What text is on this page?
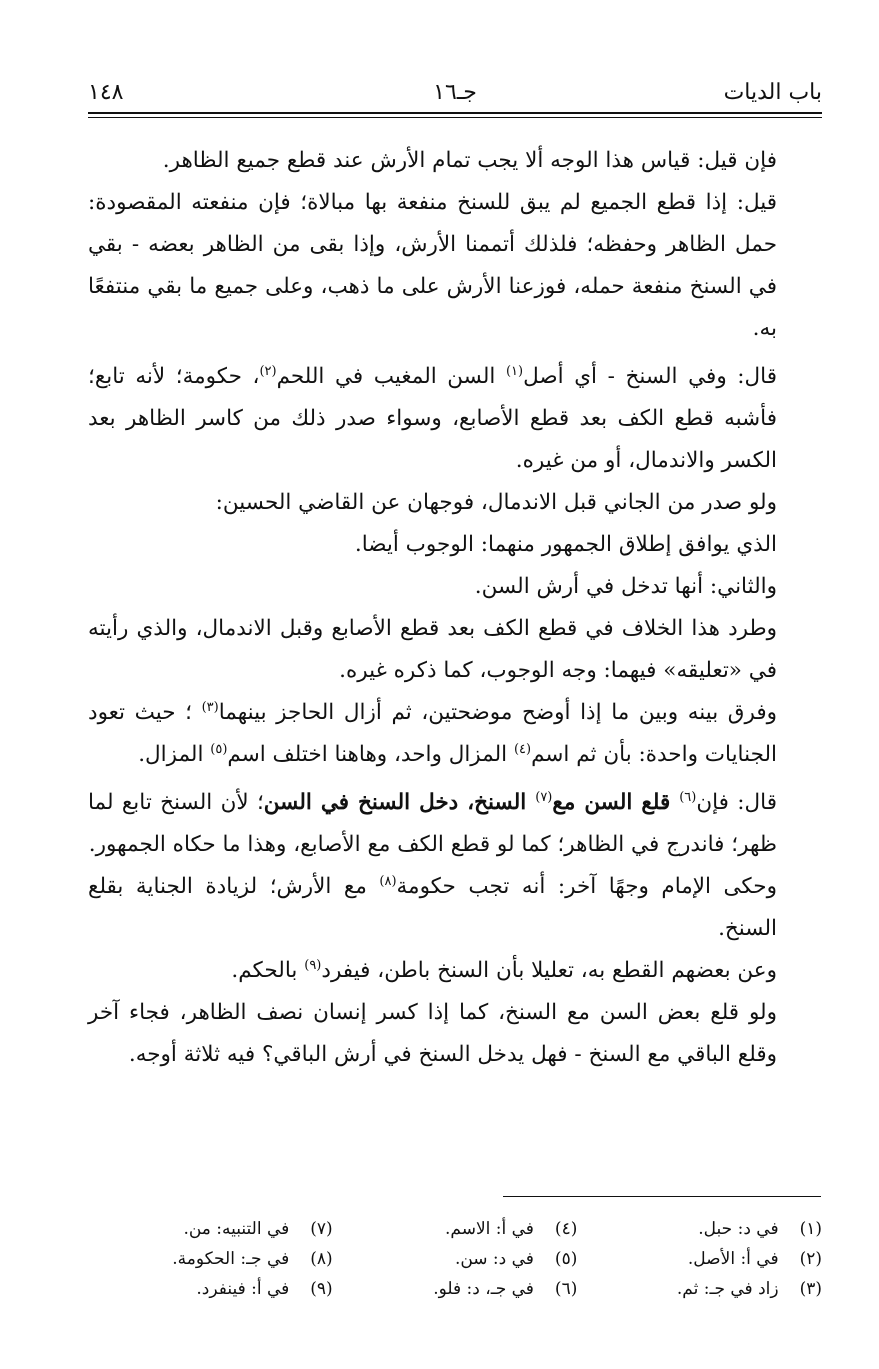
باب الديات
جـ١٦
١٤٨

فإن قيل: قياس هذا الوجه ألا يجب تمام الأرش عند قطع جميع الظاهر.

قيل: إذا قطع الجميع لم يبق للسنخ منفعة بها مبالاة؛ فإن منفعته المقصودة: حمل الظاهر وحفظه؛ فلذلك أتممنا الأرش، وإذا بقى من الظاهر بعضه - بقي في السنخ منفعة حمله، فوزعنا الأرش على ما ذهب، وعلى جميع ما بقي منتفعًا به.

قال: وفي السنخ - أي أصل$^{(١)}$ السن المغيب في اللحم$^{(٢)}$، حكومة؛ لأنه تابع؛ فأشبه قطع الكف بعد قطع الأصابع، وسواء صدر ذلك من كاسر الظاهر بعد الكسر والاندمال، أو من غيره.

ولو صدر من الجاني قبل الاندمال، فوجهان عن القاضي الحسين:

الذي يوافق إطلاق الجمهور منهما: الوجوب أيضا.

والثاني: أنها تدخل في أرش السن.

وطرد هذا الخلاف في قطع الكف بعد قطع الأصابع وقبل الاندمال، والذي رأيته في «تعليقه» فيهما: وجه الوجوب، كما ذكره غيره.

وفرق بينه وبين ما إذا أوضح موضحتين، ثم أزال الحاجز بينهما$^{(٣)}$ ؛ حيث تعود الجنايات واحدة: بأن ثم اسم$^{(٤)}$ المزال واحد، وهاهنا اختلف اسم$^{(٥)}$ المزال.

قال: فإن$^{(٦)}$ قلع السن مع$^{(٧)}$ السنخ، دخل السنخ في السن؛ لأن السنخ تابع لما ظهر؛ فاندرج في الظاهر؛ كما لو قطع الكف مع الأصابع، وهذا ما حكاه الجمهور.

وحكى الإمام وجهًا آخر: أنه تجب حكومة$^{(٨)}$ مع الأرش؛ لزيادة الجناية بقلع السنخ.

وعن بعضهم القطع به، تعليلا بأن السنخ باطن، فيفرد$^{(٩)}$ بالحكم.

ولو قلع بعض السن مع السنخ، كما إذا كسر إنسان نصف الظاهر، فجاء آخر وقلع الباقي مع السنخ - فهل يدخل السنخ في أرش الباقي؟ فيه ثلاثة أوجه.

(١) في د: حبل.
(٤) في أ: الاسم.
(٧) في التنبيه: من.
(٢) في أ: الأصل.
(٥) في د: سن.
(٨) في جـ: الحكومة.
(٣) زاد في جـ: ثم.
(٦) في جـ، د: فلو.
(٩) في أ: فينفرد.
